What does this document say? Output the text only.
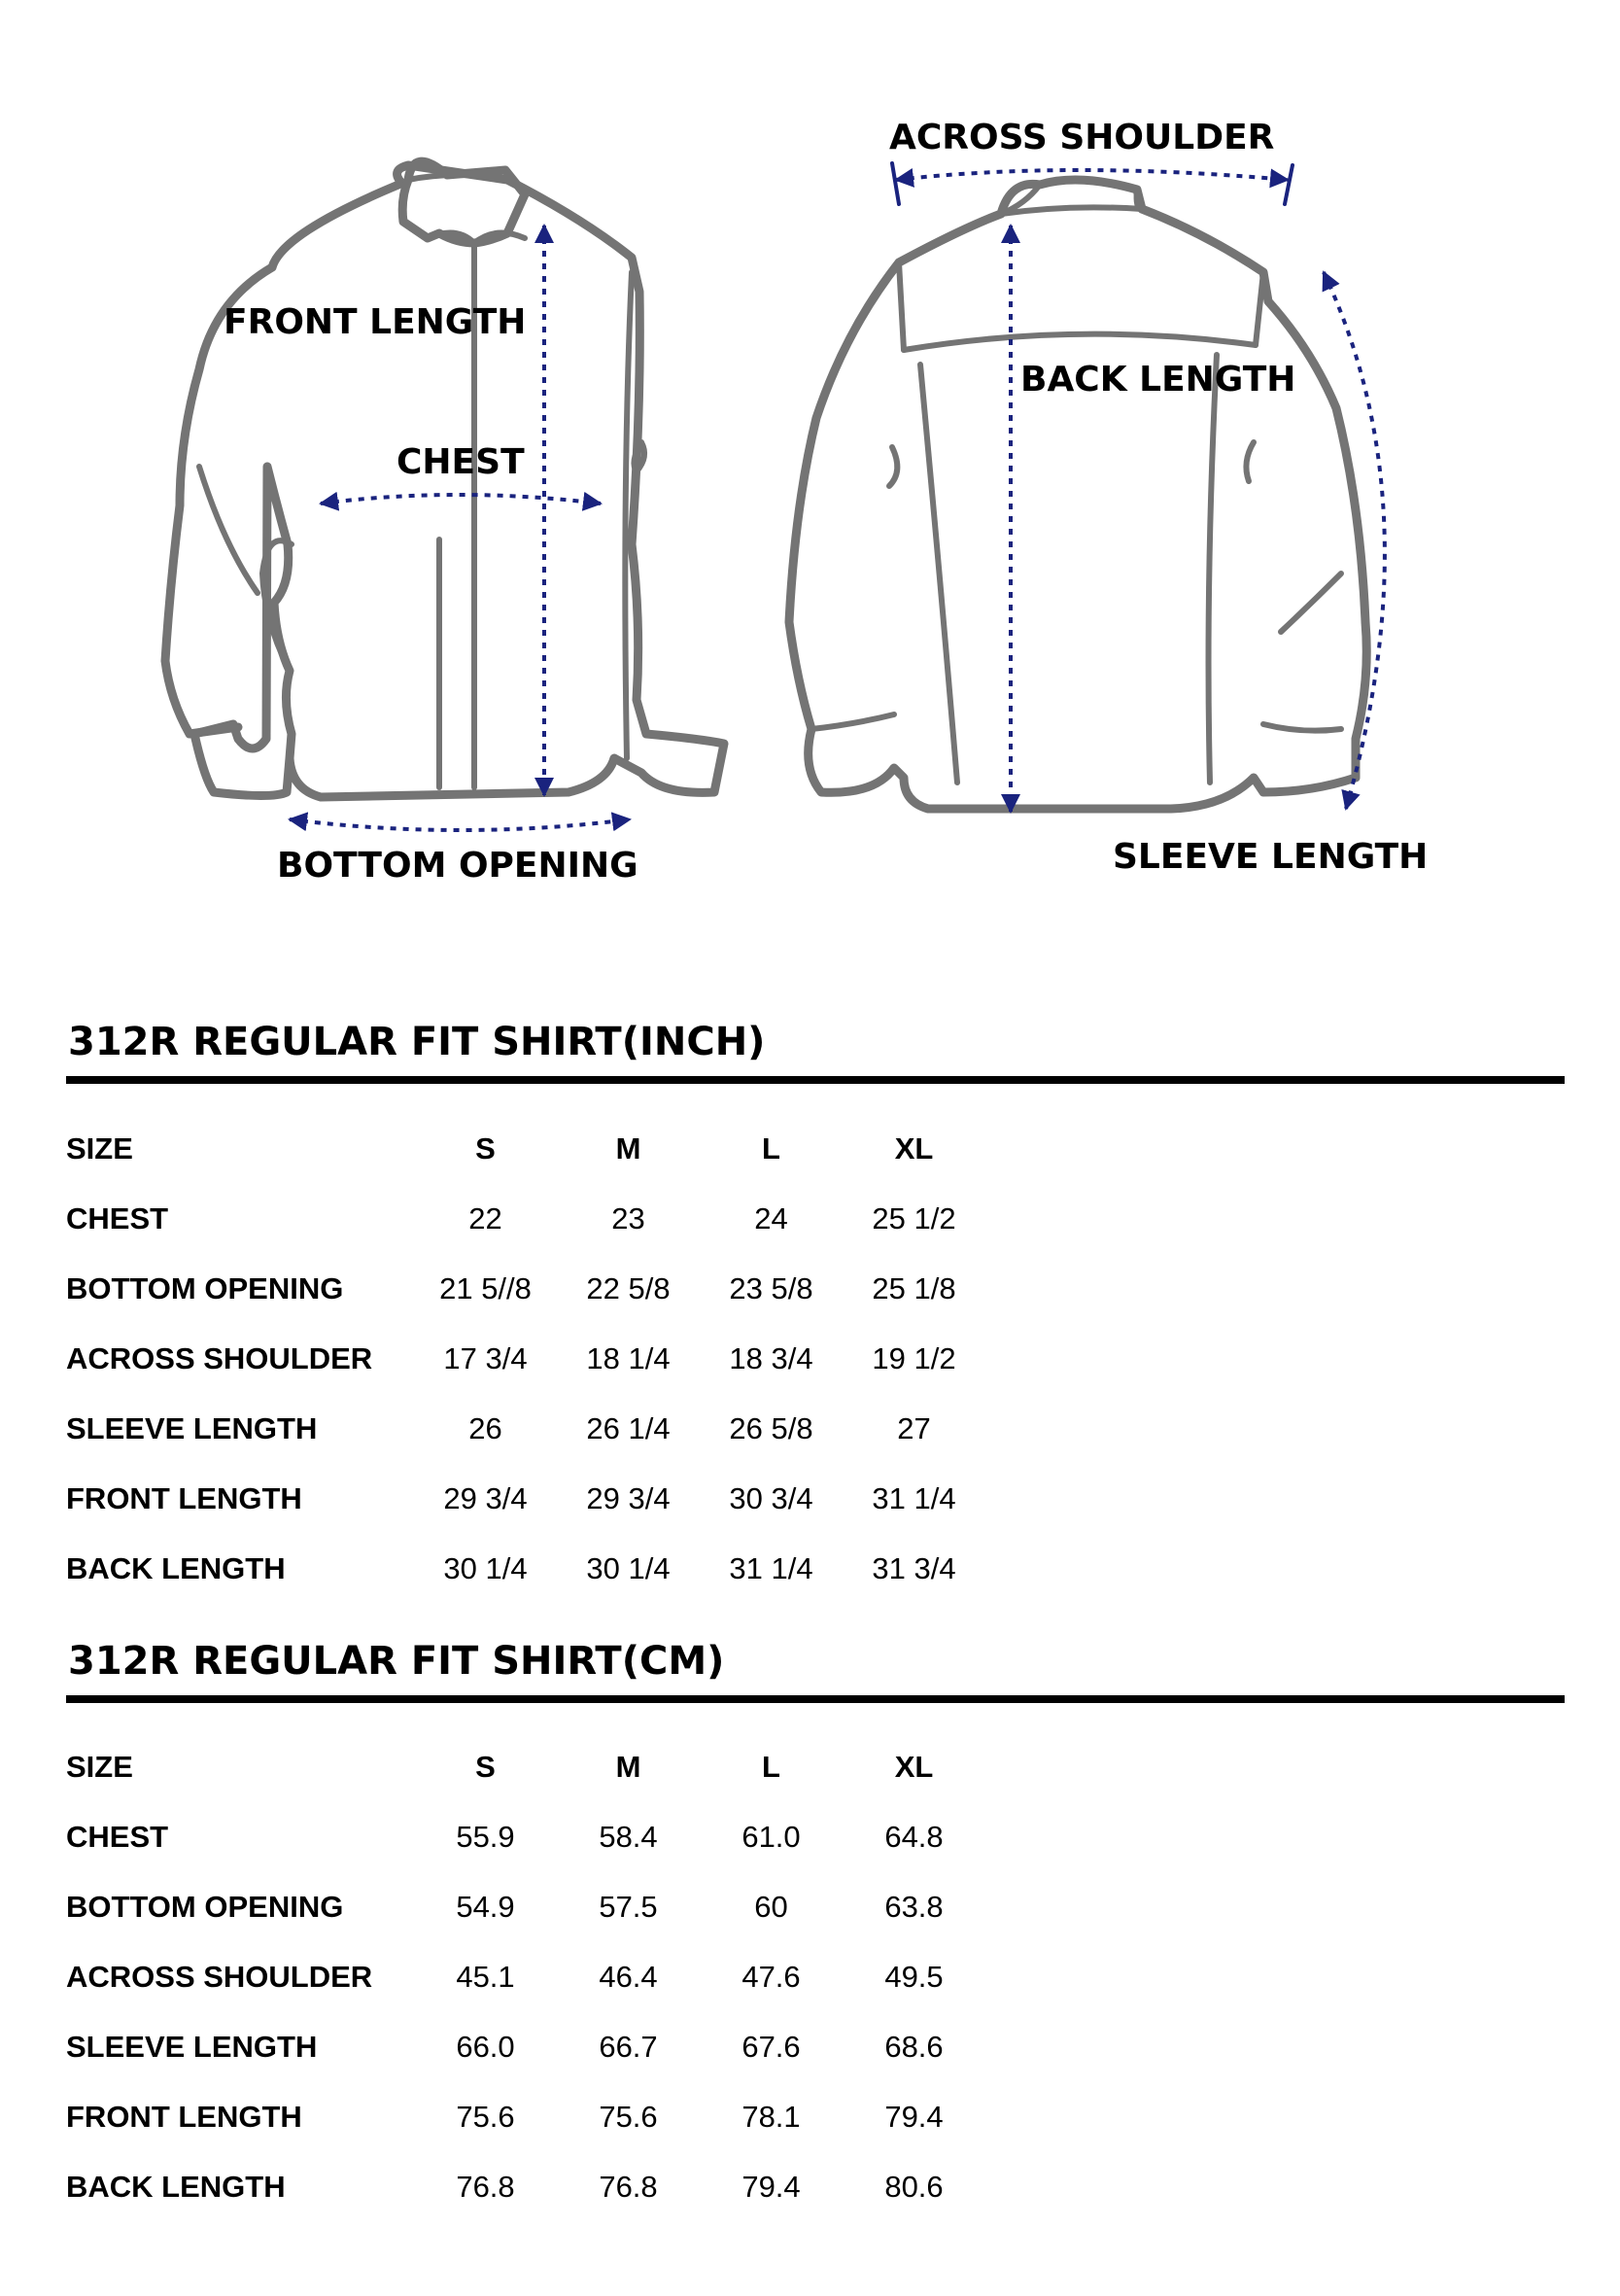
FRONT LENGTH
CHEST
BOTTOM OPENING
ACROSS SHOULDER
BACK LENGTH
SLEEVE LENGTH
312R REGULAR FIT SHIRT(INCH)
SIZE	S	M	L	XL
CHEST	22	23	24	25 1/2
BOTTOM OPENING	21 5//8	22 5/8	23 5/8	25 1/8
ACROSS SHOULDER	17 3/4	18 1/4	18 3/4	19 1/2
SLEEVE LENGTH	26	26 1/4	26 5/8	27
FRONT LENGTH	29 3/4	29 3/4	30 3/4	31 1/4
BACK LENGTH	30 1/4	30 1/4	31 1/4	31 3/4
312R REGULAR FIT SHIRT(CM)
SIZE	S	M	L	XL
CHEST	55.9	58.4	61.0	64.8
BOTTOM OPENING	54.9	57.5	60	63.8
ACROSS SHOULDER	45.1	46.4	47.6	49.5
SLEEVE LENGTH	66.0	66.7	67.6	68.6
FRONT LENGTH	75.6	75.6	78.1	79.4
BACK LENGTH	76.8	76.8	79.4	80.6
